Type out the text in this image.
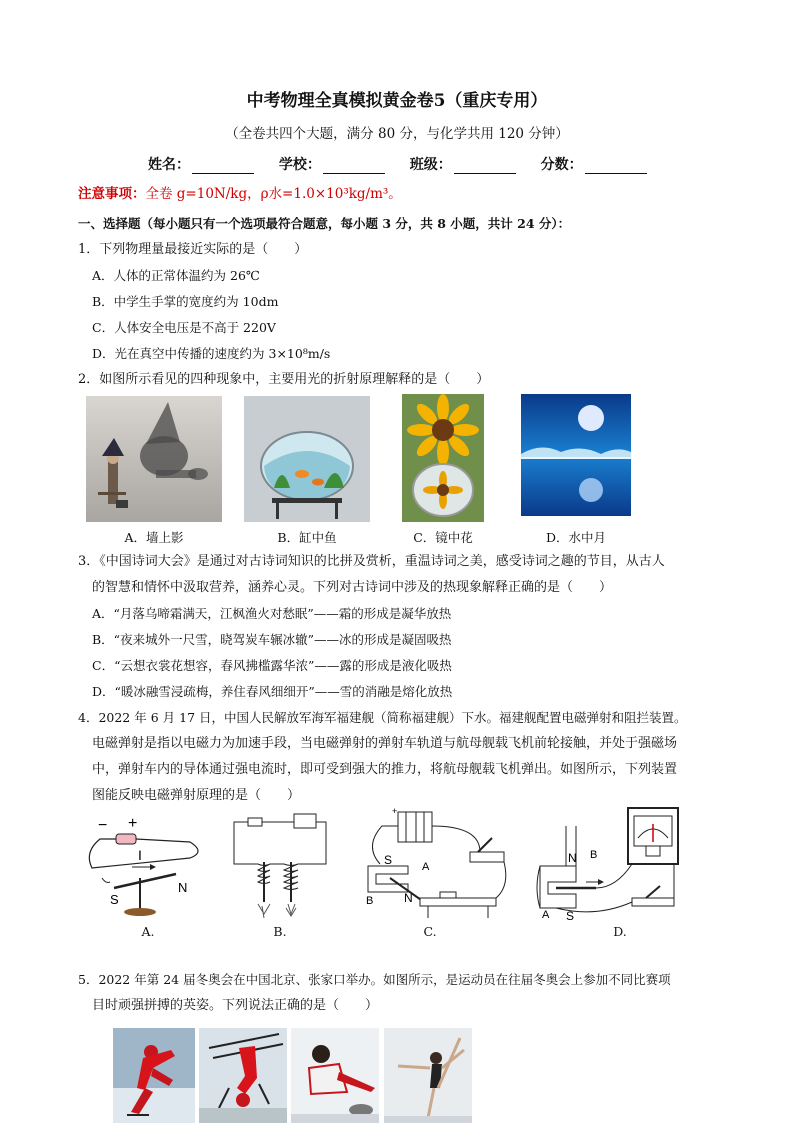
中考物理全真模拟黄金卷5（重庆专用）
（全卷共四个大题，满分 80 分，与化学共用 120 分钟）
姓名：	学校：	班级：	分数：
注意事项：全卷 g=10N/kg，ρ水=1.0×10³kg/m³。
一、选择题（每小题只有一个选项最符合题意，每小题 3 分，共 8 小题，共计 24 分）：
1．下列物理量最接近实际的是（　　）
A．人体的正常体温约为 26℃
B．中学生手掌的宽度约为 10dm
C．人体安全电压是不高于 220V
D．光在真空中传播的速度约为 3×10⁸m/s
2．如图所示看见的四种现象中，主要用光的折射原理解释的是（　　）
A．墙上影	B．缸中鱼	C．镜中花	D．水中月
3．《中国诗词大会》是通过对古诗词知识的比拼及赏析，重温诗词之美，感受诗词之趣的节目，从古人
的智慧和情怀中汲取营养，涵养心灵。下列对古诗词中涉及的热现象解释正确的是（　　）
A．“月落乌啼霜满天，江枫渔火对愁眠”——霜的形成是凝华放热
B．“夜来城外一尺雪，晓驾炭车辗冰辙”——冰的形成是凝固吸热
C．“云想衣裳花想容，春风拂槛露华浓”——露的形成是液化吸热
D．“暖冰融雪浸疏梅，养住春风细细开”——雪的消融是熔化放热
4．2022 年 6 月 17 日，中国人民解放军海军福建舰（简称福建舰）下水。福建舰配置电磁弹射和阻拦装置。
电磁弹射是指以电磁力为加速手段，当电磁弹射的弹射车轨道与航母舰载飞机前轮接触，并处于强磁场
中，弹射车内的导体通过强电流时，即可受到强大的推力，将航母舰载飞机弹出。如图所示，下列装置
图能反映电磁弹射原理的是（　　）
− +
I
S
N
A.	B.
+
S
N
B
A
C.
N
S
B
A
D.
5．2022 年第 24 届冬奥会在中国北京、张家口举办。如图所示，是运动员在往届冬奥会上参加不同比赛项
目时顽强拼搏的英姿。下列说法正确的是（　　）
